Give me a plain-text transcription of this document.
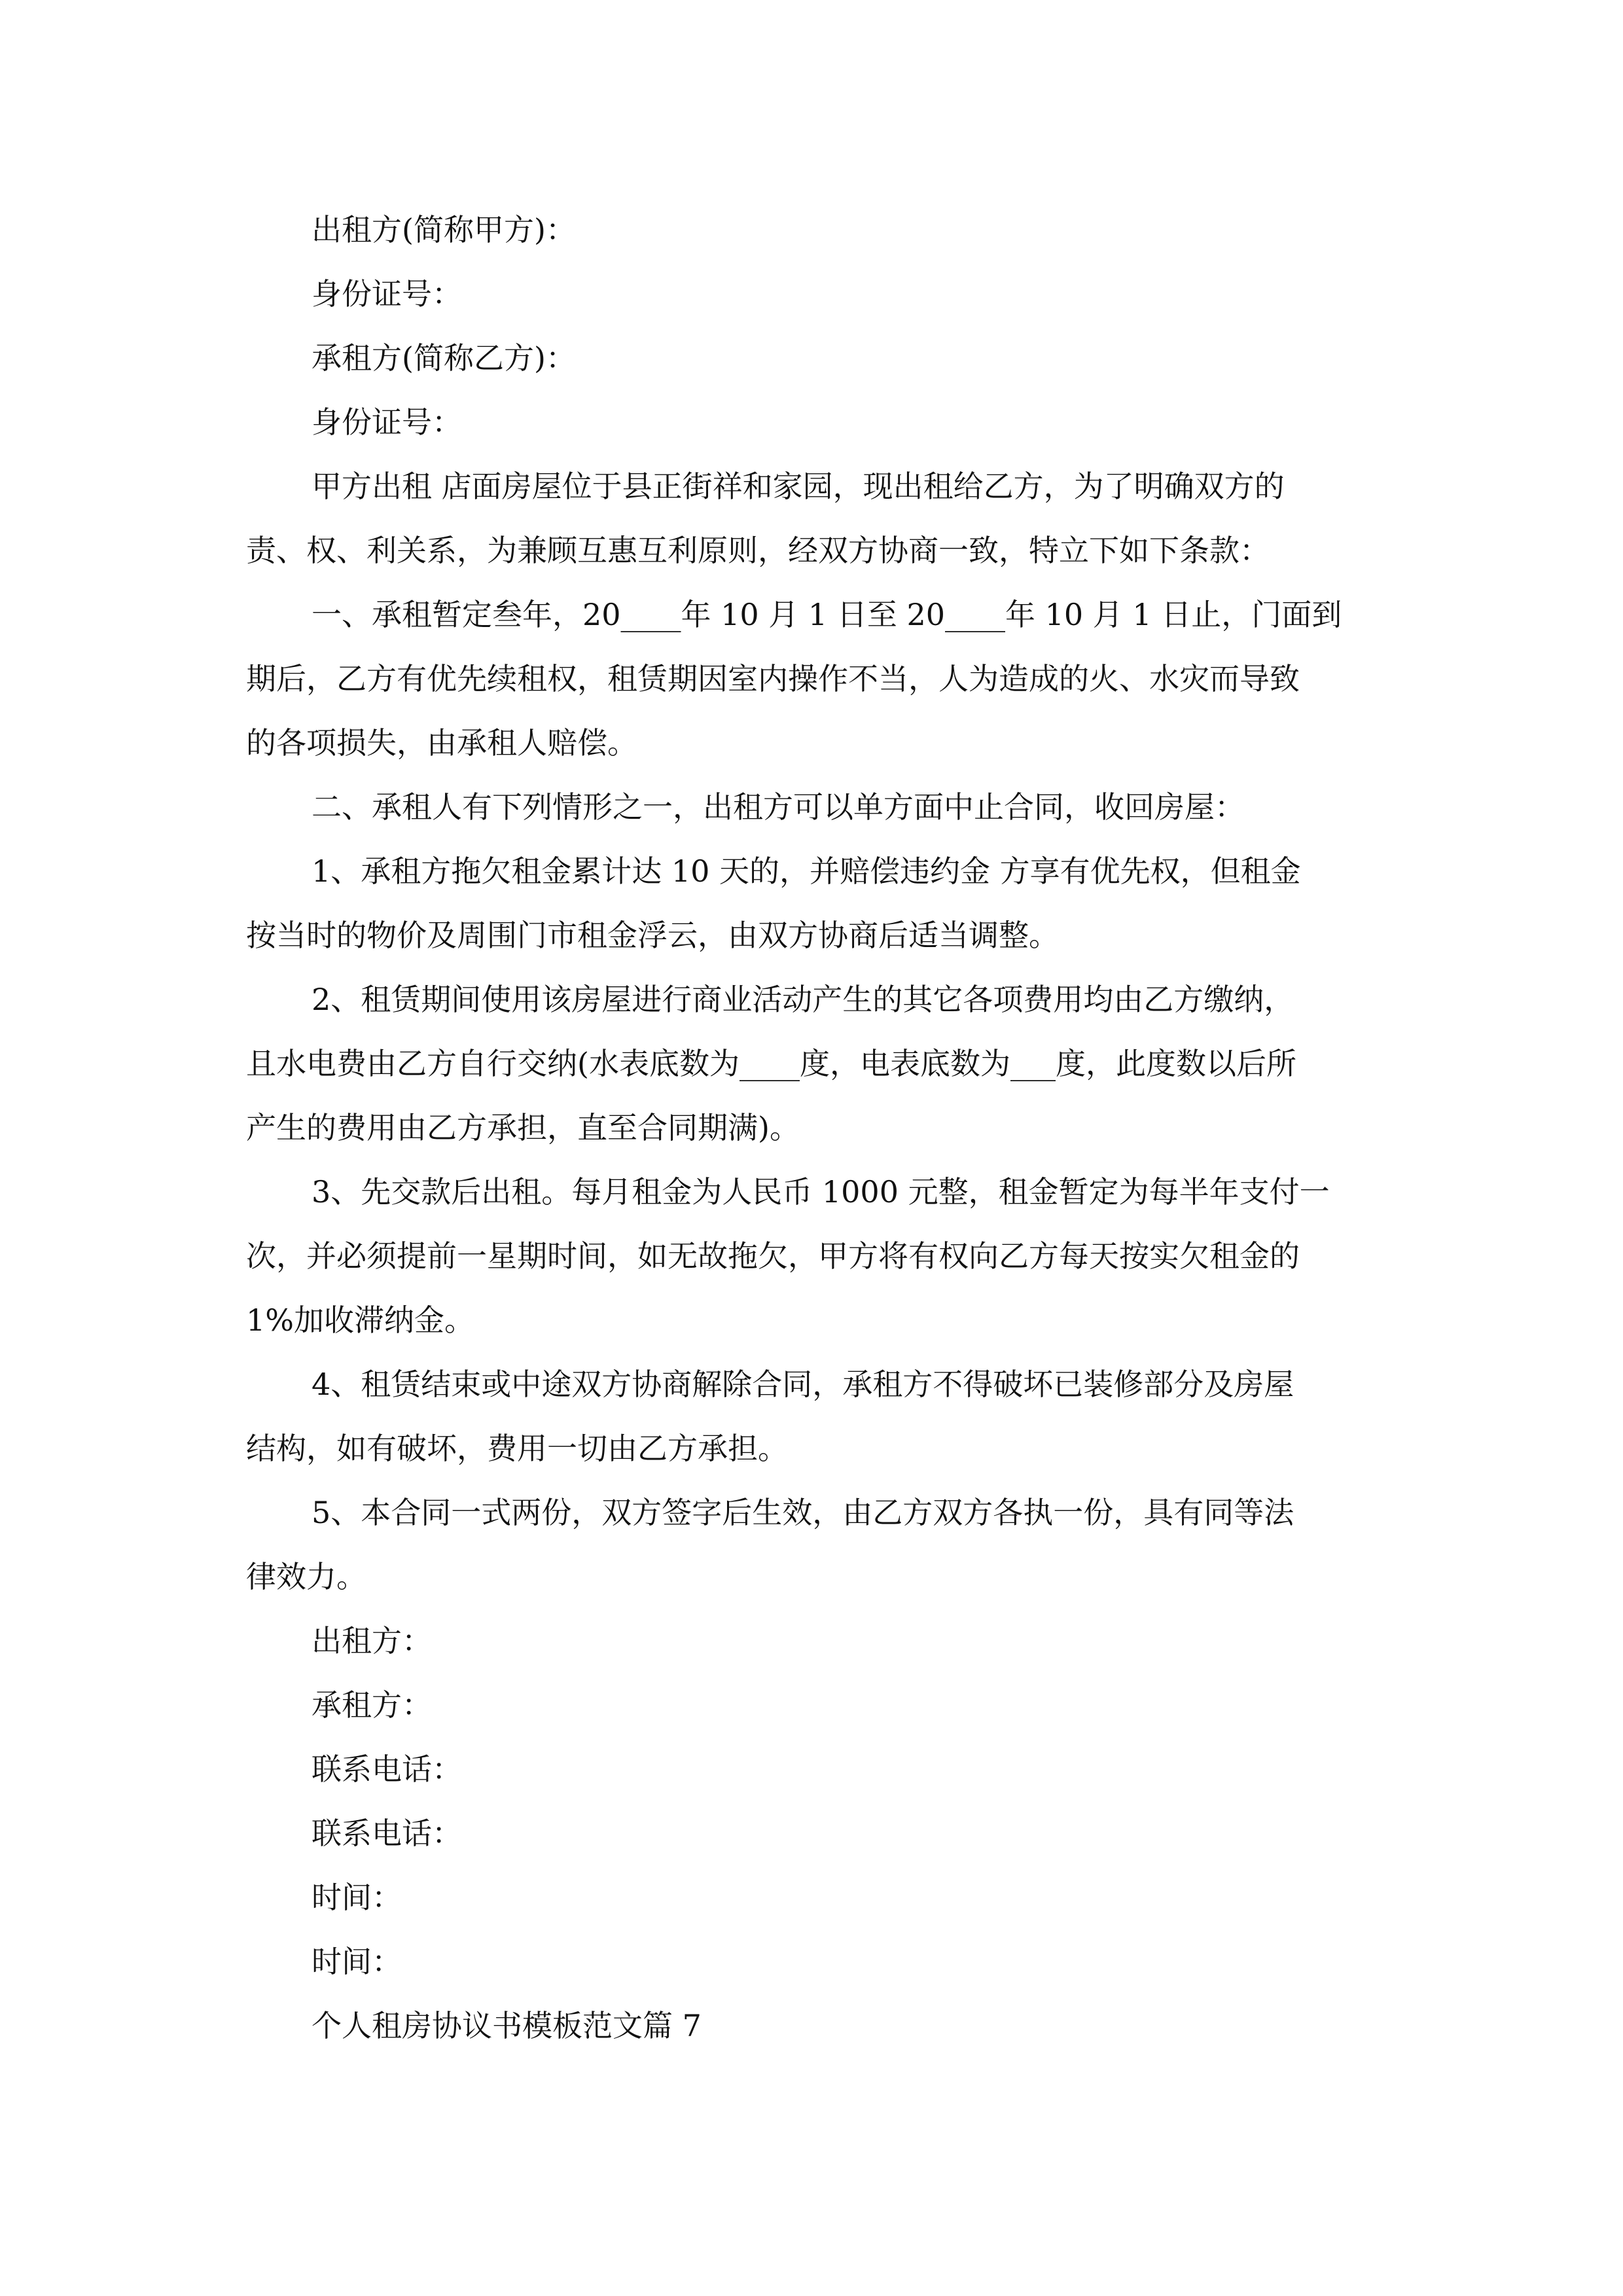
出租方(简称甲方)：
身份证号：
承租方(简称乙方)：
身份证号：
甲方出租 店面房屋位于县正街祥和家园，现出租给乙方，为了明确双方的
责、权、利关系，为兼顾互惠互利原则，经双方协商一致，特立下如下条款：
一、承租暂定叁年，20____年 10 月 1 日至 20____年 10 月 1 日止，门面到
期后，乙方有优先续租权，租赁期因室内操作不当，人为造成的火、水灾而导致
的各项损失，由承租人赔偿。
二、承租人有下列情形之一，出租方可以单方面中止合同，收回房屋：
1、承租方拖欠租金累计达 10 天的，并赔偿违约金 方享有优先权，但租金
按当时的物价及周围门市租金浮云，由双方协商后适当调整。
2、租赁期间使用该房屋进行商业活动产生的其它各项费用均由乙方缴纳，
且水电费由乙方自行交纳(水表底数为____度，电表底数为___度，此度数以后所
产生的费用由乙方承担，直至合同期满)。
3、先交款后出租。每月租金为人民币 1000 元整，租金暂定为每半年支付一
次，并必须提前一星期时间，如无故拖欠，甲方将有权向乙方每天按实欠租金的
1%加收滞纳金。
4、租赁结束或中途双方协商解除合同，承租方不得破坏已装修部分及房屋
结构，如有破坏，费用一切由乙方承担。
5、本合同一式两份，双方签字后生效，由乙方双方各执一份，具有同等法
律效力。
出租方：
承租方：
联系电话：
联系电话：
时间：
时间：
个人租房协议书模板范文篇 7
